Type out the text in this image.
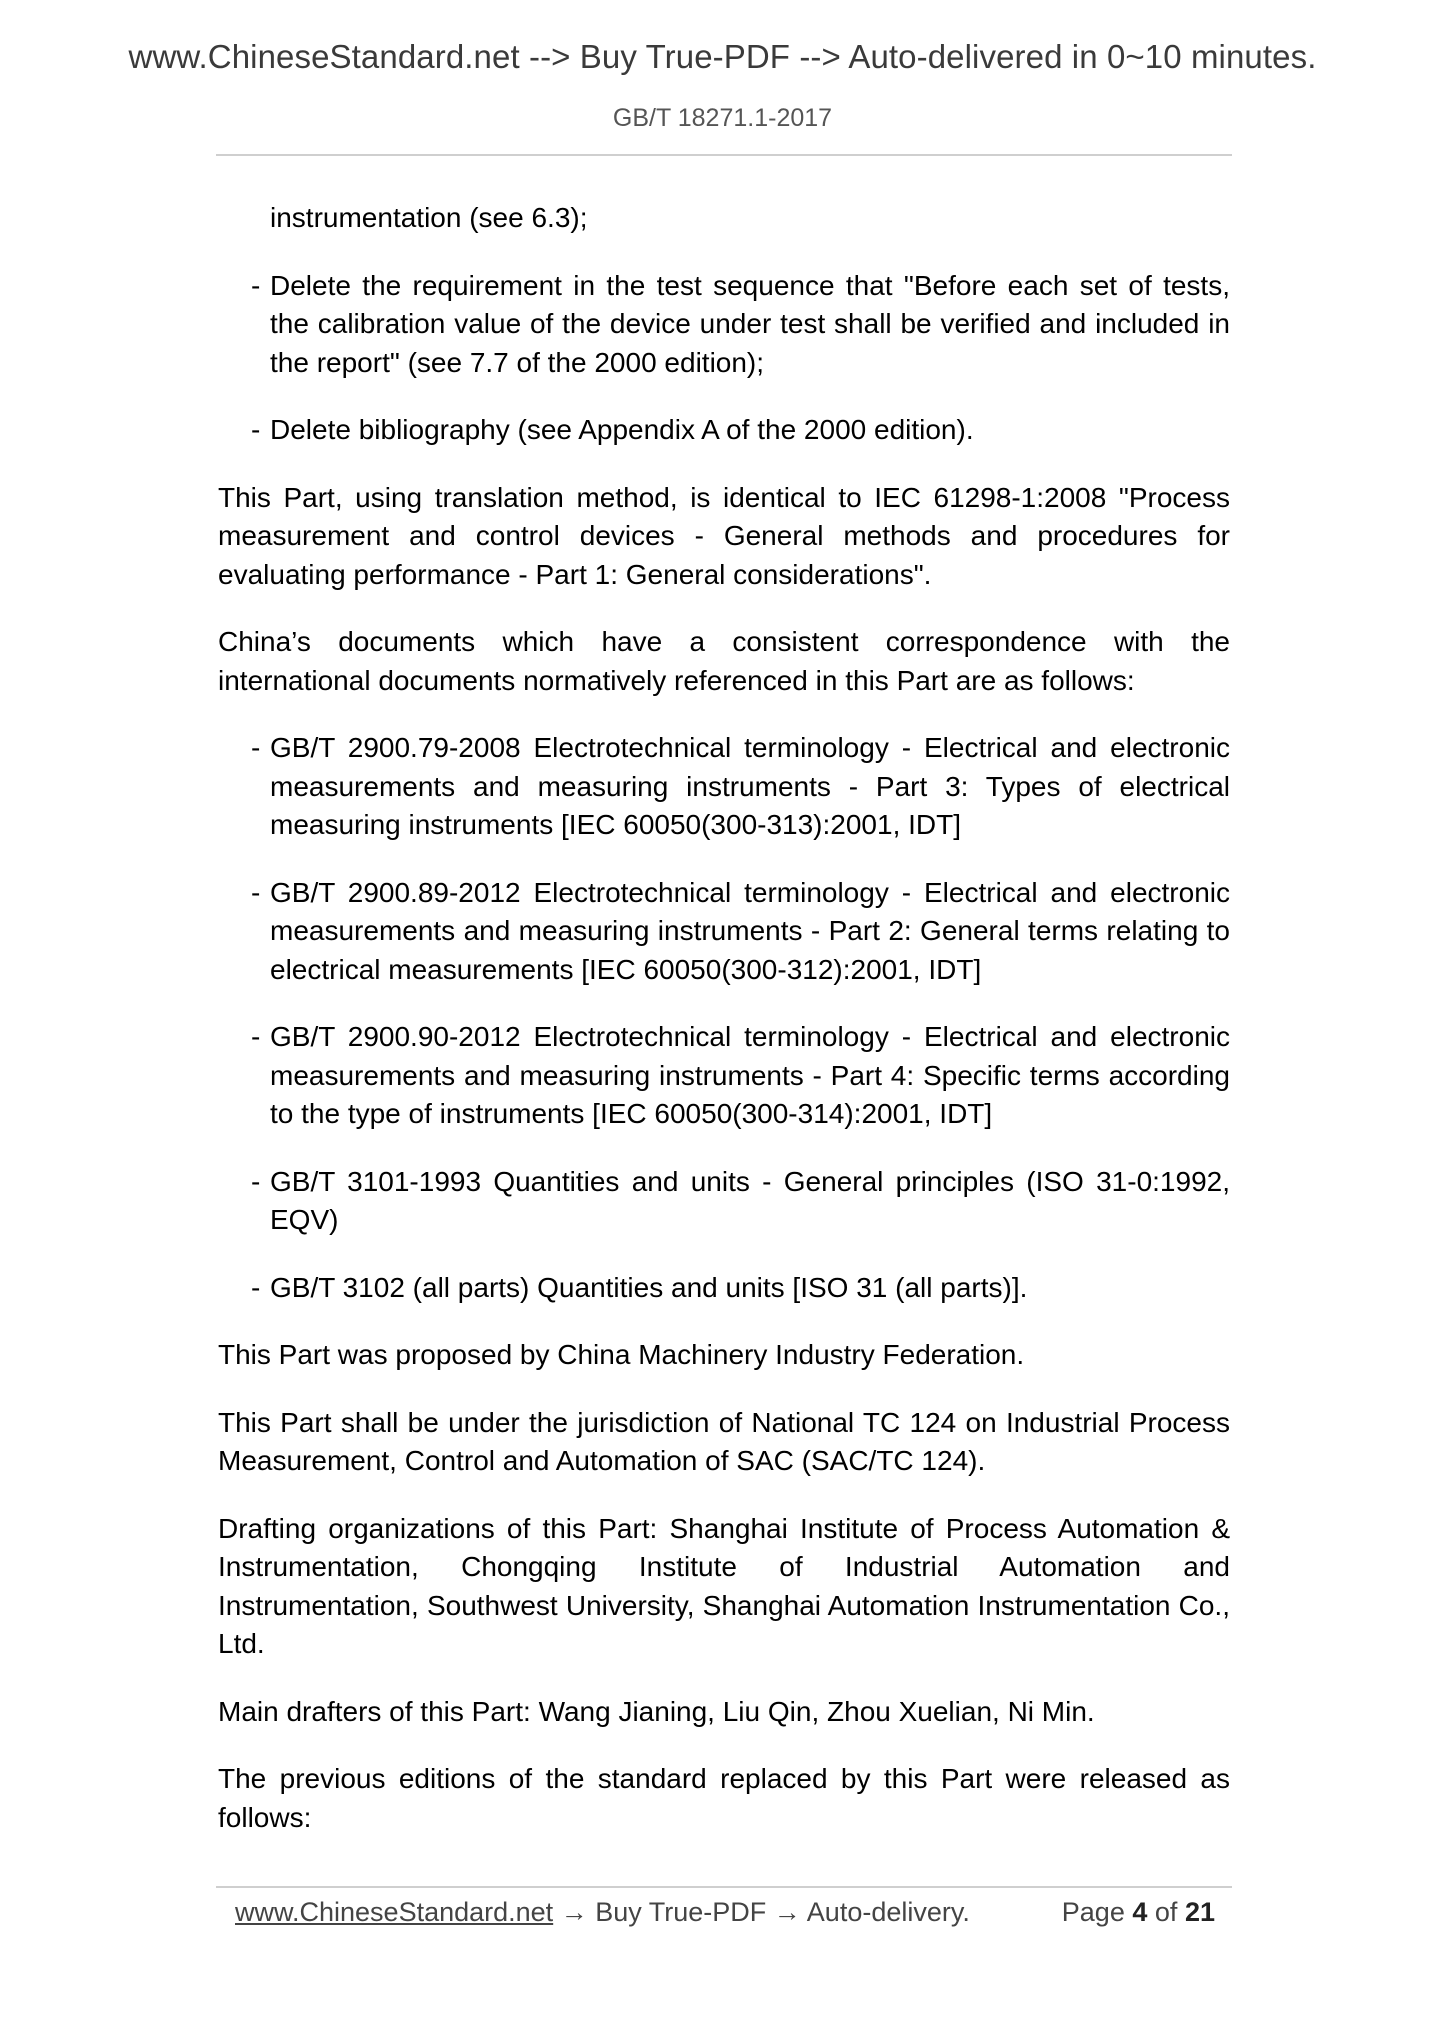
www.ChineseStandard.net --> Buy True-PDF --> Auto-delivered in 0~10 minutes.
GB/T 18271.1-2017

instrumentation (see 6.3);

- Delete the requirement in the test sequence that "Before each set of tests, the calibration value of the device under test shall be verified and included in the report" (see 7.7 of the 2000 edition);
- Delete bibliography (see Appendix A of the 2000 edition).

This Part, using translation method, is identical to IEC 61298-1:2008 "Process measurement and control devices - General methods and procedures for evaluating performance - Part 1: General considerations".

China’s documents which have a consistent correspondence with the international documents normatively referenced in this Part are as follows:

- GB/T 2900.79-2008 Electrotechnical terminology - Electrical and electronic measurements and measuring instruments - Part 3: Types of electrical measuring instruments [IEC 60050(300-313):2001, IDT]
- GB/T 2900.89-2012 Electrotechnical terminology - Electrical and electronic measurements and measuring instruments - Part 2: General terms relating to electrical measurements [IEC 60050(300-312):2001, IDT]
- GB/T 2900.90-2012 Electrotechnical terminology - Electrical and electronic measurements and measuring instruments - Part 4: Specific terms according to the type of instruments [IEC 60050(300-314):2001, IDT]
- GB/T 3101-1993 Quantities and units - General principles (ISO 31-0:1992, EQV)
- GB/T 3102 (all parts) Quantities and units [ISO 31 (all parts)].

This Part was proposed by China Machinery Industry Federation.

This Part shall be under the jurisdiction of National TC 124 on Industrial Process Measurement, Control and Automation of SAC (SAC/TC 124).

Drafting organizations of this Part: Shanghai Institute of Process Automation & Instrumentation, Chongqing Institute of Industrial Automation and Instrumentation, Southwest University, Shanghai Automation Instrumentation Co., Ltd.

Main drafters of this Part: Wang Jianing, Liu Qin, Zhou Xuelian, Ni Min.

The previous editions of the standard replaced by this Part were released as follows:

www.ChineseStandard.net → Buy True-PDF → Auto-delivery.	Page 4 of 21
